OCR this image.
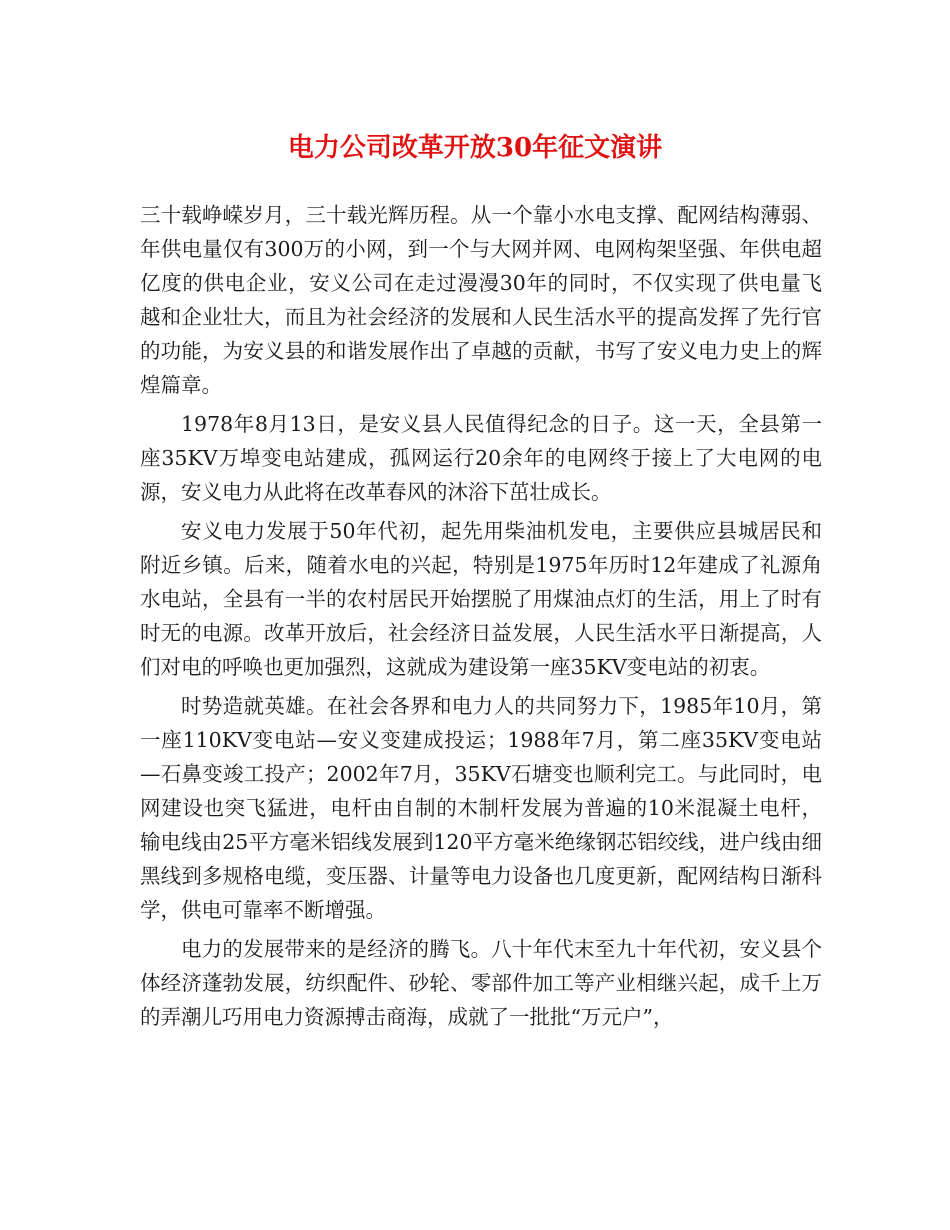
电力公司改革开放30年征文演讲

三十载峥嵘岁月，三十载光辉历程。从一个靠小水电支撑、配网结构薄弱、年供电量仅有300万的小网，到一个与大网并网、电网构架坚强、年供电超亿度的供电企业，安义公司在走过漫漫30年的同时，不仅实现了供电量飞越和企业壮大，而且为社会经济的发展和人民生活水平的提高发挥了先行官的功能，为安义县的和谐发展作出了卓越的贡献，书写了安义电力史上的辉煌篇章。

1978年8月13日，是安义县人民值得纪念的日子。这一天，全县第一座35KV万埠变电站建成，孤网运行20余年的电网终于接上了大电网的电源，安义电力从此将在改革春风的沐浴下茁壮成长。

安义电力发展于50年代初，起先用柴油机发电，主要供应县城居民和附近乡镇。后来，随着水电的兴起，特别是1975年历时12年建成了礼源角水电站，全县有一半的农村居民开始摆脱了用煤油点灯的生活，用上了时有时无的电源。改革开放后，社会经济日益发展，人民生活水平日渐提高，人们对电的呼唤也更加强烈，这就成为建设第一座35KV变电站的初衷。

时势造就英雄。在社会各界和电力人的共同努力下，1985年10月，第一座110KV变电站—安义变建成投运；1988年7月，第二座35KV变电站—石鼻变竣工投产；2002年7月，35KV石塘变也顺利完工。与此同时，电网建设也突飞猛进，电杆由自制的木制杆发展为普遍的10米混凝土电杆，输电线由25平方毫米铝线发展到120平方毫米绝缘钢芯铝绞线，进户线由细黑线到多规格电缆，变压器、计量等电力设备也几度更新，配网结构日渐科学，供电可靠率不断增强。

电力的发展带来的是经济的腾飞。八十年代末至九十年代初，安义县个体经济蓬勃发展，纺织配件、砂轮、零部件加工等产业相继兴起，成千上万的弄潮儿巧用电力资源搏击商海，成就了一批批“万元户”，
